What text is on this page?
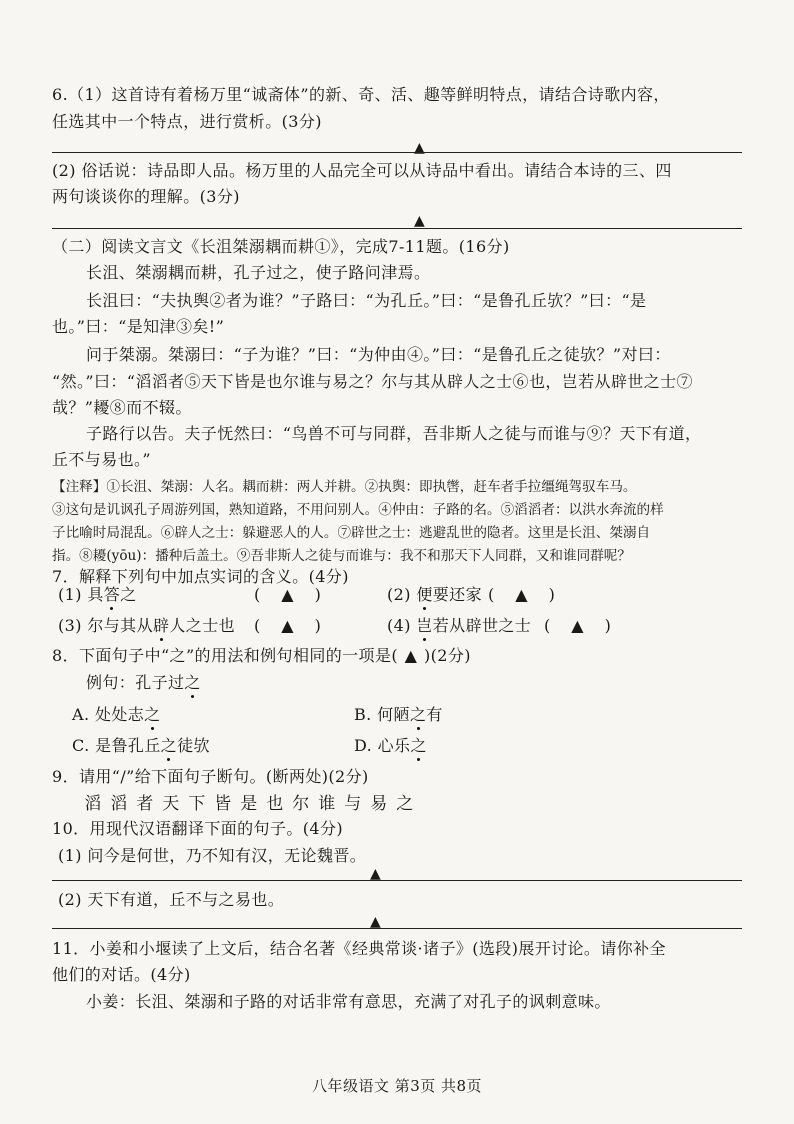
6.（1）这首诗有着杨万里“诚斋体”的新、奇、活、趣等鲜明特点，请结合诗歌内容，
任选其中一个特点，进行赏析。(3分)
▲
(2) 俗话说：诗品即人品。杨万里的人品完全可以从诗品中看出。请结合本诗的三、四
两句谈谈你的理解。(3分)
▲
（二）阅读文言文《长沮桀溺耦而耕①》，完成7-11题。(16分)
长沮、桀溺耦而耕，孔子过之，使子路问津焉。
长沮曰：“夫执舆②者为谁？”子路曰：“为孔丘。”曰：“是鲁孔丘欤？”曰：“是
也。”曰：“是知津③矣!”
问于桀溺。桀溺曰：“子为谁？”曰：“为仲由④。”曰：“是鲁孔丘之徒欤？”对曰：
“然。”曰：“滔滔者⑤天下皆是也尔谁与易之？尔与其从辟人之士⑥也，岂若从辟世之士⑦
哉？”耰⑧而不辍。
子路行以告。夫子怃然曰：“鸟兽不可与同群，吾非斯人之徒与而谁与⑨？天下有道，
丘不与易也。”
【注释】①长沮、桀溺：人名。耦而耕：两人并耕。②执舆：即执辔，赶车者手拉缰绳驾驭车马。
③这句是讥讽孔子周游列国，熟知道路，不用问别人。④仲由：子路的名。⑤滔滔者：以洪水奔流的样
子比喻时局混乱。⑥辟人之士：躲避恶人的人。⑦辟世之士：逃避乱世的隐者。这里是长沮、桀溺自
指。⑧耰(yōu)：播种后盖土。⑨吾非斯人之徒与而谁与：我不和那天下人同群，又和谁同群呢？
7．解释下列句中加点实词的含义。(4分)
(1) 具答之	( ▲ )	(2) 便要还家 ( ▲ )
(3) 尔与其从辟人之士也 ( ▲ )	(4) 岂若从辟世之士 ( ▲ )
8．下面句子中“之”的用法和例句相同的一项是( ▲ )(2分)
例句：孔子过之
A. 处处志之	B. 何陋之有
C. 是鲁孔丘之徒欤	D. 心乐之
9．请用“/”给下面句子断句。(断两处)(2分)
滔 滔 者 天 下 皆 是 也 尔 谁 与 易 之
10．用现代汉语翻译下面的句子。(4分)
(1) 问今是何世，乃不知有汉，无论魏晋。
▲
(2) 天下有道，丘不与之易也。
▲
11．小姜和小堰读了上文后，结合名著《经典常谈·诸子》(选段)展开讨论。请你补全
他们的对话。(4分)
小姜：长沮、桀溺和子路的对话非常有意思，充满了对孔子的讽刺意味。
八年级语文 第3页 共8页
